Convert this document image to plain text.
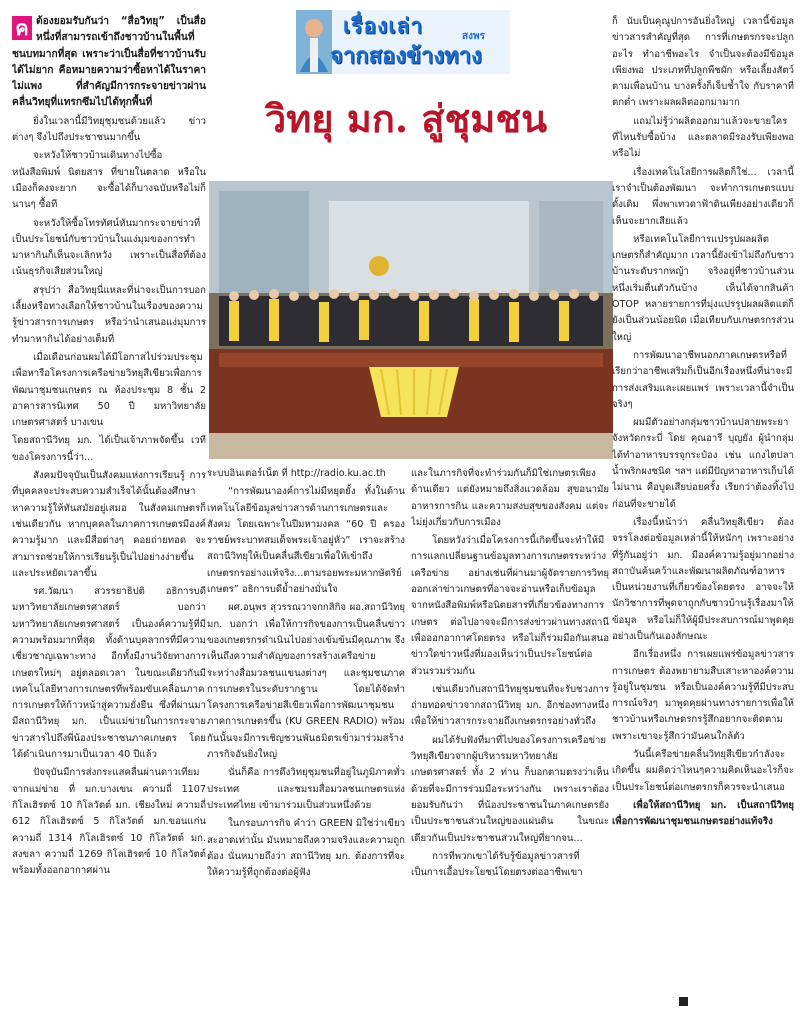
เรื่องเล่า	สงพร
จากสองข้างทาง
วิทยุ มก. สู่ชุมชน

ค ต้องยอมรับกันว่า “สื่อวิทยุ” เป็นสื่อหนึ่งที่สามารถเข้าถึงชาวบ้านในพื้นที่ชนบทมากที่สุด เพราะว่าเป็นสื่อที่ชาวบ้านรับได้ไม่ยาก คือหมายความว่าซื้อหาได้ในราคาไม่แพง ที่สำคัญมีการกระจายข่าวผ่านคลื่นวิทยุที่แทรกซึมไปได้ทุกพื้นที่

ยิ่งในเวลานี้มีวิทยุชุมชนด้วยแล้ว ข่าวต่างๆ จึงไปถึงประชาชนมากขึ้น

จะหวังให้ชาวบ้านเดินทางไปซื้อหนังสือพิมพ์ นิตยสาร ที่ขายในตลาด หรือในเมืองก็คงจะยาก จะซื้อได้ก็บางฉบับหรือไม่ก็นานๆ ซื้อที

จะหวังให้ซื้อโทรทัศน์หันมากระจายข่าวที่เป็นประโยชน์กับชาวบ้านในแง่มุมของการทำมาหากินก็เห็นจะเลิกหวัง เพราะเป็นสื่อที่ต้องเน้นธุรกิจเสียส่วนใหญ่

สรุปว่า สื่อวิทยุนี่แหละที่น่าจะเป็นการบอกเลี้ยงหรือทางเลือกให้ชาวบ้านในเรื่องของความรู้ข่าวสารการเกษตร หรือว่านำเสนอแง่มุมการทำมาหากินได้อย่างเต็มที่

เมื่อเดือนก่อนผมได้มีโอกาสไปร่วมประชุมเพื่อหารือโครงการเครือข่ายวิทยุสีเขียวเพื่อการพัฒนาชุมชนเกษตร ณ ห้องประชุม 8 ชั้น 2 อาคารสารนิเทศ 50 ปี มหาวิทยาลัยเกษตรศาสตร์ บางเขน

โดยสถานีวิทยุ มก. ได้เป็นเจ้าภาพจัดขึ้น เวทีของโครงการนี้ว่า...

สังคมปัจจุบันเป็นสังคมแห่งการเรียนรู้ การที่บุคคลจะประสบความสำเร็จได้นั้นต้องศึกษาหาความรู้ให้ทันสมัยอยู่เสมอ ในสังคมเกษตรก็เช่นเดียวกัน หากบุคคลในภาคการเกษตรมีองค์ความรู้มาก และมีสื่อต่างๆ คอยถ่ายทอด จะสามารถช่วยให้การเรียนรู้เป็นไปอย่างง่ายขึ้นและประหยัดเวลาขึ้น

รศ.วัฒนา สวรรยาธิปติ อธิการบดีมหาวิทยาลัยเกษตรศาสตร์ บอกว่า มหาวิทยาลัยเกษตรศาสตร์ เป็นองค์ความรู้ที่มีความพร้อมมากที่สุด ทั้งด้านบุคลากรที่มีความเชี่ยวชาญเฉพาะทาง อีกทั้งมีงานวิจัยทางการเกษตรใหม่ๆ อยู่ตลอดเวลา ในขณะเดียวกันมีเทคโนโลยีทางการเกษตรที่พร้อมขับเคลื่อนภาคการเกษตรให้ก้าวหน้าสู่ความยั่งยืน ซึ่งที่ผ่านมามีสถานีวิทยุ มก. เป็นแม่ข่ายในการกระจายข่าวสารไปถึงพี่น้องประชาชนภาคเกษตร โดยได้ดำเนินการมาเป็นเวลา 40 ปีแล้ว

ปัจจุบันมีการส่งกระแสคลื่นผ่านดาวเทียมจากแม่ข่าย ที่ มก.บางเขน ความถี่ 1107 กิโลเฮิรตซ์ 10 กิโลวัตต์ มก. เชียงใหม่ ความถี่ 612 กิโลเฮิรตซ์ 5 กิโลวัตต์ มก.ขอนแก่น ความถี่ 1314 กิโลเฮิรตซ์ 10 กิโลวัตต์ มก. สงขลา ความถี่ 1269 กิโลเฮิรตซ์ 10 กิโลวัตต์ พร้อมทั้งออกอากาศผ่าน

ระบบอินเตอร์เน็ต ที่ http://radio.ku.ac.th

“การพัฒนาองค์การไม่มีหยุดยั้ง ทั้งในด้านเทคโนโลยีข้อมูลข่าวสารด้านการเกษตรและสังคม โดยเฉพาะในปีมหามงคล “60 ปี ครองราชย์พระบาทสมเด็จพระเจ้าอยู่หัว” เราจะสร้างสถานีวิทยุให้เป็นคลื่นสีเขียวเพื่อให้เข้าถึงเกษตรกรอย่างแท้จริง...ตามรอยพระมหากษัตริย์เกษตร” อธิการบดีย้ำอย่างมั่นใจ

ผศ.อนุพร สุวรรณวาจกกสิกิจ ผอ.สถานีวิทยุ มก. บอกว่า เพื่อให้การกิจของการเป็นคลื่นข่าวของเกษตรกรดำเนินไปอย่างเข้มข้นมีคุณภาพ จึงเห็นถึงความสำคัญของการสร้างเครือข่าย ระหว่างสื่อมวลชนแขนงต่างๆ และชุมชนภาคการเกษตรในระดับรากฐาน โดยได้จัดทำโครงการเครือข่ายสีเขียวเพื่อการพัฒนาชุมชนภาคการเกษตรขึ้น (KU GREEN RADIO) พร้อมกันนั้นจะมีการเชิญชวนพันธมิตรเข้ามาร่วมสร้างภารกิจอันยิ่งใหญ่

นั่นก็คือ การดึงวิทยุชุมชนที่อยู่ในภูมิภาคทั่วประเทศ และชมรมสื่อมวลชนเกษตรแห่งประเทศไทย เข้ามาร่วมเป็นส่วนหนึ่งด้วย

ในกรอบภารกิจ คำว่า GREEN มิใช่ว่าเขียวสะอาดเท่านั้น มันหมายถึงความจริงและความถูกต้อง นั่นหมายถึงว่า สถานีวิทยุ มก. ต้องการที่จะให้ความรู้ที่ถูกต้องต่อผู้ฟัง

และในภารกิจที่จะทำร่วมกันก็มิใช่เกษตรเพียงด้านเดียว แต่ยังหมายถึงสิ่งแวดล้อม สุขอนามัย อาหารการกิน และความสงบสุขของสังคม แต่จะไม่ยุ่งเกี่ยวกับการเมือง

โดยหวังว่าเมื่อโครงการนี้เกิดขึ้นจะทำให้มีการแลกเปลี่ยนฐานข้อมูลทางการเกษตรระหว่างเครือข่าย อย่างเช่นที่ผ่านมาผู้จัดรายการวิทยุออกเล่าข่าวเกษตรที่อาจจะอ่านหรือเก็บข้อมูลจากหนังสือพิมพ์หรือนิตยสารที่เกี่ยวข้องทางการเกษตร ต่อไปอาจจะมีการส่งข่าวผ่านทางสถานีเพื่อออกอากาศโดยตรง หรือไม่ก็ร่วมมือกันเสนอข่าวใดข่าวหนึ่งที่มองเห็นว่าเป็นประโยชน์ต่อส่วนรวมร่วมกัน

เช่นเดียวกับสถานีวิทยุชุมชนที่จะรับช่วงการถ่ายทอดข่าวจากสถานีวิทยุ มก. อีกช่องทางหนึ่งเพื่อให้ข่าวสารกระจายถึงเกษตรกรอย่างทั่วถึง

ผมได้รับฟังที่มาที่ไปของโครงการเครือข่ายวิทยุสีเขียวจากผู้บริหารมหาวิทยาลัยเกษตรศาสตร์ ทั้ง 2 ท่าน ก็บอกตามตรงว่าเห็นด้วยที่จะมีการร่วมมือระหว่างกัน เพราะเราต้องยอมรับกันว่า ที่น้องประชาชนในภาคเกษตรยังเป็นประชาชนส่วนใหญ่ของแผ่นดิน ในขณะเดียวกันเป็นประชาชนส่วนใหญ่ที่ยากจน...

การที่พวกเขาได้รับรู้ข้อมูลข่าวสารที่เป็นการเอื้อประโยชน์โดยตรงต่ออาชีพเขา

ก็ นับเป็นคุณูปการอันยิ่งใหญ่ เวลานี้ข้อมูลข่าวสารสำคัญที่สุด การที่เกษตรกรจะปลูกอะไร ทำอาชีพอะไร จำเป็นจะต้องมีข้อมูล เพียงพอ ประเภทที่ปลูกพืชผัก หรือเลี้ยงสัตว์ตามเพื่อนบ้าน บางครั้งก็เจ็บช้ำใจ กับราคาที่ตกต่ำ เพราะผลผลิตออกมามาก

แถมไม่รู้ว่าผลิตออกมาแล้วจะขายใครที่ไหนรับซื้อบ้าง และตลาดมีรองรับเพียงพอหรือไม่

เรื่องเทคโนโลยีการผลิตก็ใช่... เวลานี้เราจำเป็นต้องพัฒนา จะทำการเกษตรแบบดั้งเดิม พึ่งพาเทวดาฟ้าดินเพียงอย่างเดียวก็เห็นจะยากเสียแล้ว

หรือเทคโนโลยีการแปรรูปผลผลิตเกษตรก็สำคัญมาก เวลานี้ยังเข้าไม่ถึงกับชาวบ้านระดับรากหญ้า จริงอยู่ที่ชาวบ้านส่วนหนึ่งเริ่มตื่นตัวกันบ้าง เห็นได้จากสินค้า OTOP หลายรายการที่มุ่งแปรรูปผลผลิตแต่ก็ยังเป็นส่วนน้อยนิด เมื่อเทียบกับเกษตรกรส่วนใหญ่

การพัฒนาอาชีพนอกภาคเกษตรหรือที่เรียกว่าอาชีพเสริมก็เป็นอีกเรื่องหนึ่งที่น่าจะมีการส่งเสริมและเผยแพร่ เพราะเวลานี้จำเป็นจริงๆ

ผมมีตัวอย่างกลุ่มชาวบ้านปลายพระยา จังหวัดกระบี่ โดย คุณอารี บุญยัง ผู้นำกลุ่มได้ทำอาหารบรรจุกระป๋อง เช่น แกงไตปลา น้ำพริกผงชนิด ฯลฯ แต่มีปัญหาอาหารเก็บได้ไม่นาน คือบูดเสียบ่อยครั้ง เรียกว่าต้องทิ้งไปก่อนที่จะขายได้

เรื่องนี้หน้าว่า คลื่นวิทยุสีเขียว ต้องจรรโลงต่อข้อมูลเหล่านี้ให้หนักๆ เพราะอย่างที่รู้กันอยู่ว่า มก. มีองค์ความรู้อยู่มากอย่างสถาบันค้นคว้าและพัฒนาผลิตภัณฑ์อาหารเป็นหน่วยงานที่เกี่ยวข้องโดยตรง อาจจะให้นักวิชาการที่พูดจาถูกกับชาวบ้านรู้เรื่องมาให้ข้อมูล หรือไม่ก็ให้ผู้มีประสบการณ์มาพูดคุยอย่างเป็นกันเองลักษณะ

อีกเรื่องหนึ่ง การเผยแพร่ข้อมูลข่าวสารการเกษตร ต้องพยายามสืบเสาะหาองค์ความรู้อยู่ในชุมชน หรือเป็นองค์ความรู้ที่มีประสบการณ์จริงๆ มาพูดคุยผ่านทางรายการเพื่อให้ชาวบ้านหรือเกษตรกรรู้สึกอยากจะติดตาม เพราะเขาจะรู้สึกว่ามันคนใกล้ตัว

วันนี้เครือข่ายคลื่นวิทยุสีเขียวกำลังจะเกิดขึ้น ผมคิดว่าไหนๆความคิดเห็นอะไรก็จะเป็นประโยชน์ต่อเกษตรกรก็ควรจะนำเสนอ

เพื่อให้สถานีวิทยุ มก. เป็นสถานีวิทยุเพื่อการพัฒนาชุมชนเกษตรอย่างแท้จริง
